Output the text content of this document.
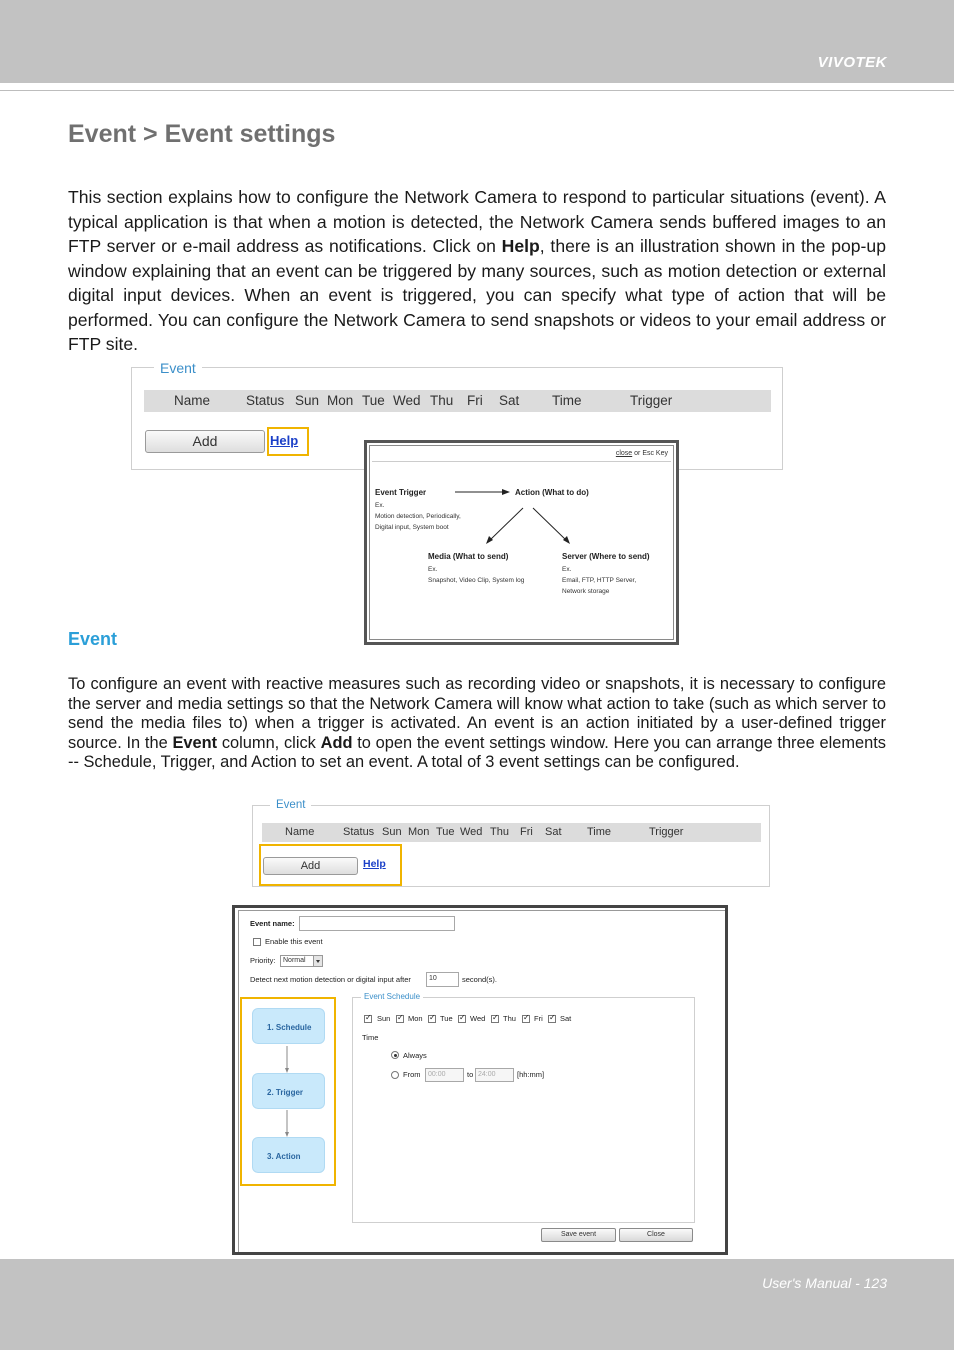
VIVOTEK
Event > Event settings
This section explains how to configure the Network Camera to respond to particular situations (event). A typical application is that when a motion is detected, the Network Camera sends buffered images to an FTP server or e-mail address as notifications. Click on Help, there is an illustration shown in the pop-up window explaining that an event can be triggered by many sources, such as motion detection or external digital input devices. When an event is triggered, you can specify what type of action that will be performed. You can configure the Network Camera to send snapshots or videos to your email address or FTP site.
Event
Name	Status Sun Mon Tue Wed Thu Fri Sat Time	Trigger
Add	Help
close or Esc Key
Event Trigger
Ex.
Motion detection, Periodically,
Digital input, System boot
Action (What to do)
Media (What to send)
Ex.
Snapshot, Video Clip, System log
Server (Where to send)
Ex.
Email, FTP, HTTP Server,
Network storage
Event
To configure an event with reactive measures such as recording video or snapshots, it is necessary to configure the server and media settings so that the Network Camera will know what action to take (such as which server to send the media files to) when a trigger is activated. An event is an action initiated by a user-defined trigger source. In the Event column, click Add to open the event settings window. Here you can arrange three elements -- Schedule, Trigger, and Action to set an event. A total of 3 event settings can be configured.
Event
Name	Status Sun Mon Tue Wed Thu Fri Sat Time	Trigger
Add	Help
Event name:
Enable this event
Priority:	Normal
Detect next motion detection or digital input after	10	second(s).
1. Schedule
2. Trigger
3. Action
Event Schedule
✓
Sun ✓ Mon ✓ Tue ✓ Wed ✓ Thu ✓ Fri ✓ Sat
Time
Always
From	00:00	to 24:00	[hh:mm]
Save event	Close
User's Manual - 123
